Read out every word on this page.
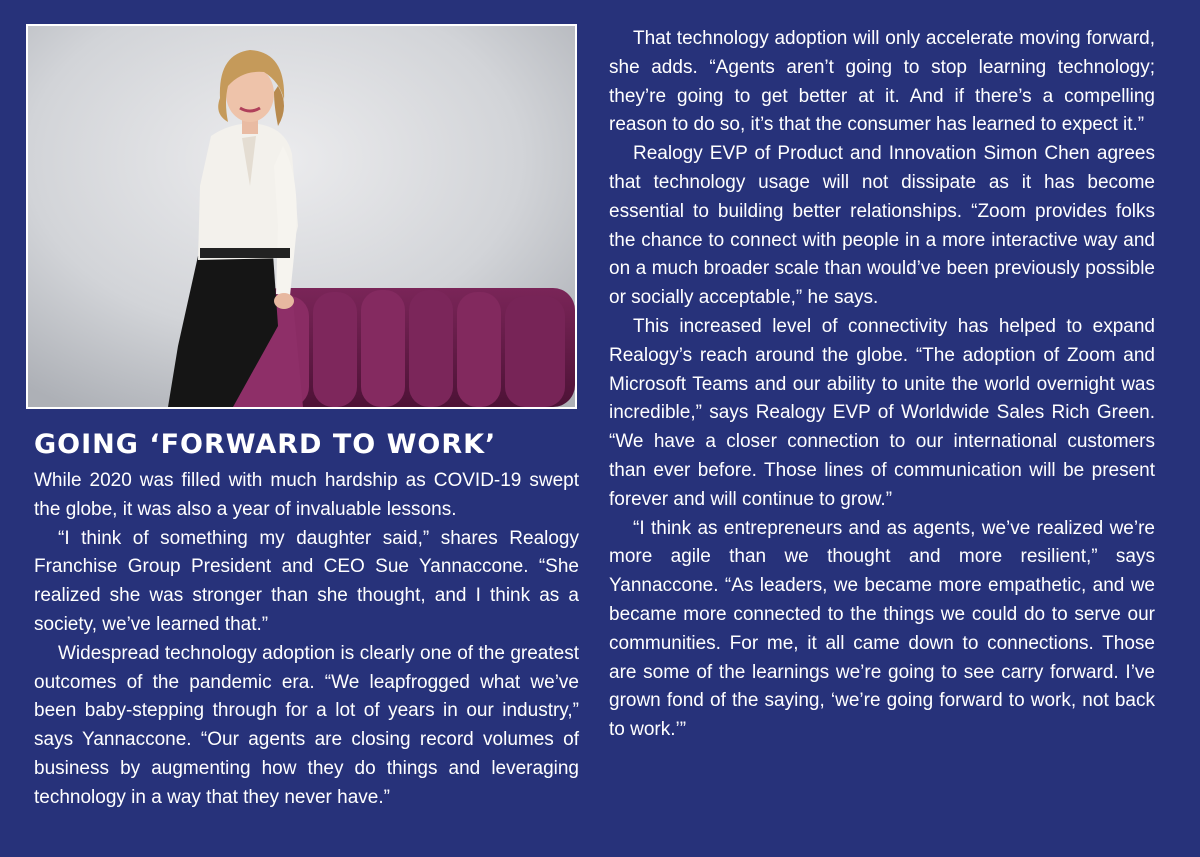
GOING ‘FORWARD TO WORK’

While 2020 was filled with much hardship as COVID-19 swept the globe, it was also a year of invaluable lessons.

“I think of something my daughter said,” shares Realogy Franchise Group President and CEO Sue Yannaccone. “She realized she was stronger than she thought, and I think as a society, we’ve learned that.”

Widespread technology adoption is clearly one of the greatest outcomes of the pandemic era. “We leapfrogged what we’ve been baby-stepping through for a lot of years in our industry,” says Yannaccone. “Our agents are closing record volumes of business by augmenting how they do things and leveraging technology in a way that they never have.”

That technology adoption will only accelerate moving forward, she adds. “Agents aren’t going to stop learning technology; they’re going to get better at it. And if there’s a compelling reason to do so, it’s that the consumer has learned to expect it.”

Realogy EVP of Product and Innovation Simon Chen agrees that technology usage will not dissipate as it has become essential to building better relationships. “Zoom provides folks the chance to connect with people in a more interactive way and on a much broader scale than would’ve been previously possible or socially acceptable,” he says.

This increased level of connectivity has helped to expand Realogy’s reach around the globe. “The adoption of Zoom and Microsoft Teams and our ability to unite the world overnight was incredible,” says Realogy EVP of Worldwide Sales Rich Green. “We have a closer connection to our international customers than ever before. Those lines of communication will be present forever and will continue to grow.”

“I think as entrepreneurs and as agents, we’ve realized we’re more agile than we thought and more resilient,” says Yannaccone. “As leaders, we became more empathetic, and we became more connected to the things we could do to serve our communities. For me, it all came down to connections. Those are some of the learnings we’re going to see carry forward. I’ve grown fond of the saying, ‘we’re going forward to work, not back to work.’”
